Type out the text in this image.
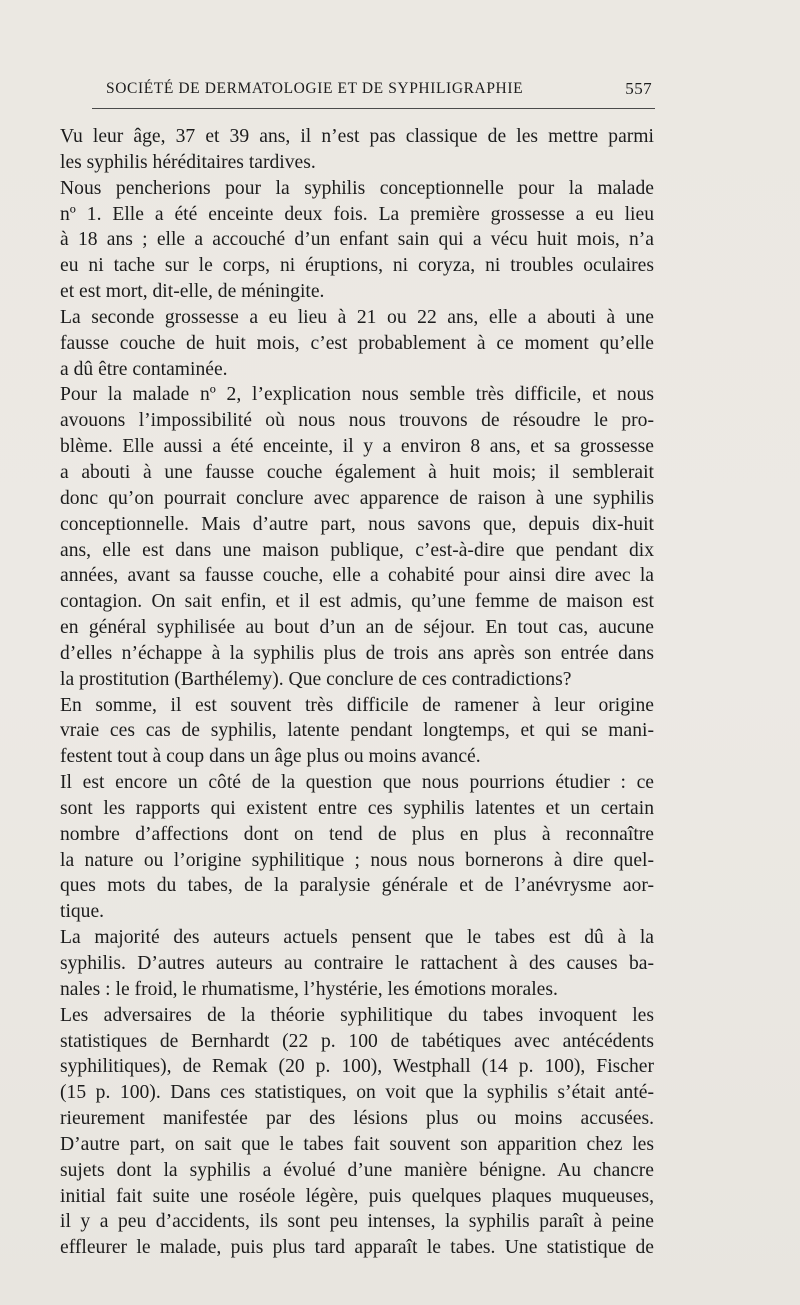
SOCIÉTÉ DE DERMATOLOGIE ET DE SYPHILIGRAPHIE	557

Vu leur âge, 37 et 39 ans, il n’est pas classique de les mettre parmi
les syphilis héréditaires tardives.

Nous pencherions pour la syphilis conceptionnelle pour la malade
nº 1. Elle a été enceinte deux fois. La première grossesse a eu lieu
à 18 ans ; elle a accouché d’un enfant sain qui a vécu huit mois, n’a
eu ni tache sur le corps, ni éruptions, ni coryza, ni troubles oculaires
et est mort, dit-elle, de méningite.

La seconde grossesse a eu lieu à 21 ou 22 ans, elle a abouti à une
fausse couche de huit mois, c’est probablement à ce moment qu’elle
a dû être contaminée.

Pour la malade nº 2, l’explication nous semble très difficile, et nous
avouons l’impossibilité où nous nous trouvons de résoudre le pro-
blème. Elle aussi a été enceinte, il y a environ 8 ans, et sa grossesse
a abouti à une fausse couche également à huit mois; il semblerait
donc qu’on pourrait conclure avec apparence de raison à une syphilis
conceptionnelle. Mais d’autre part, nous savons que, depuis dix-huit
ans, elle est dans une maison publique, c’est-à-dire que pendant dix
années, avant sa fausse couche, elle a cohabité pour ainsi dire avec la
contagion. On sait enfin, et il est admis, qu’une femme de maison est
en général syphilisée au bout d’un an de séjour. En tout cas, aucune
d’elles n’échappe à la syphilis plus de trois ans après son entrée dans
la prostitution (Barthélemy). Que conclure de ces contradictions?

En somme, il est souvent très difficile de ramener à leur origine
vraie ces cas de syphilis, latente pendant longtemps, et qui se mani-
festent tout à coup dans un âge plus ou moins avancé.

Il est encore un côté de la question que nous pourrions étudier : ce
sont les rapports qui existent entre ces syphilis latentes et un certain
nombre d’affections dont on tend de plus en plus à reconnaître
la nature ou l’origine syphilitique ; nous nous bornerons à dire quel-
ques mots du tabes, de la paralysie générale et de l’anévrysme aor-
tique.

La majorité des auteurs actuels pensent que le tabes est dû à la
syphilis. D’autres auteurs au contraire le rattachent à des causes ba-
nales : le froid, le rhumatisme, l’hystérie, les émotions morales.

Les adversaires de la théorie syphilitique du tabes invoquent les
statistiques de Bernhardt (22 p. 100 de tabétiques avec antécédents
syphilitiques), de Remak (20 p. 100), Westphall (14 p. 100), Fischer
(15 p. 100). Dans ces statistiques, on voit que la syphilis s’était anté-
rieurement manifestée par des lésions plus ou moins accusées.
D’autre part, on sait que le tabes fait souvent son apparition chez les
sujets dont la syphilis a évolué d’une manière bénigne. Au chancre
initial fait suite une roséole légère, puis quelques plaques muqueuses,
il y a peu d’accidents, ils sont peu intenses, la syphilis paraît à peine
effleurer le malade, puis plus tard apparaît le tabes. Une statistique de
